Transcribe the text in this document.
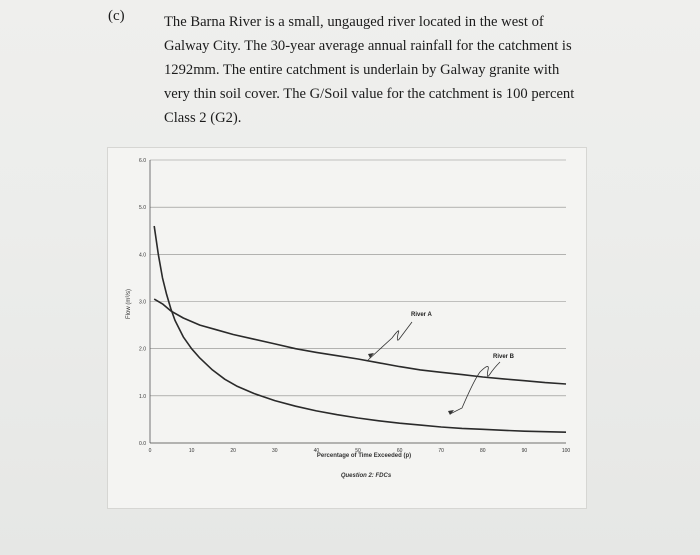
(c)	The Barna River is a small, ungauged river located in the west of
Galway City. The 30-year average annual rainfall for the catchment is
1292mm. The entire catchment is underlain by Galway granite with
very thin soil cover. The G/Soil value for the catchment is 100 percent
Class 2 (G2).
0.0
1.0
2.0
3.0
4.0
5.0
6.0
0	10	20	30	40	50	60	70	80	90	100
Percentage of Time Exceeded (p)
Flow (m³/s)
Question 2: FDCs
River A
River B
